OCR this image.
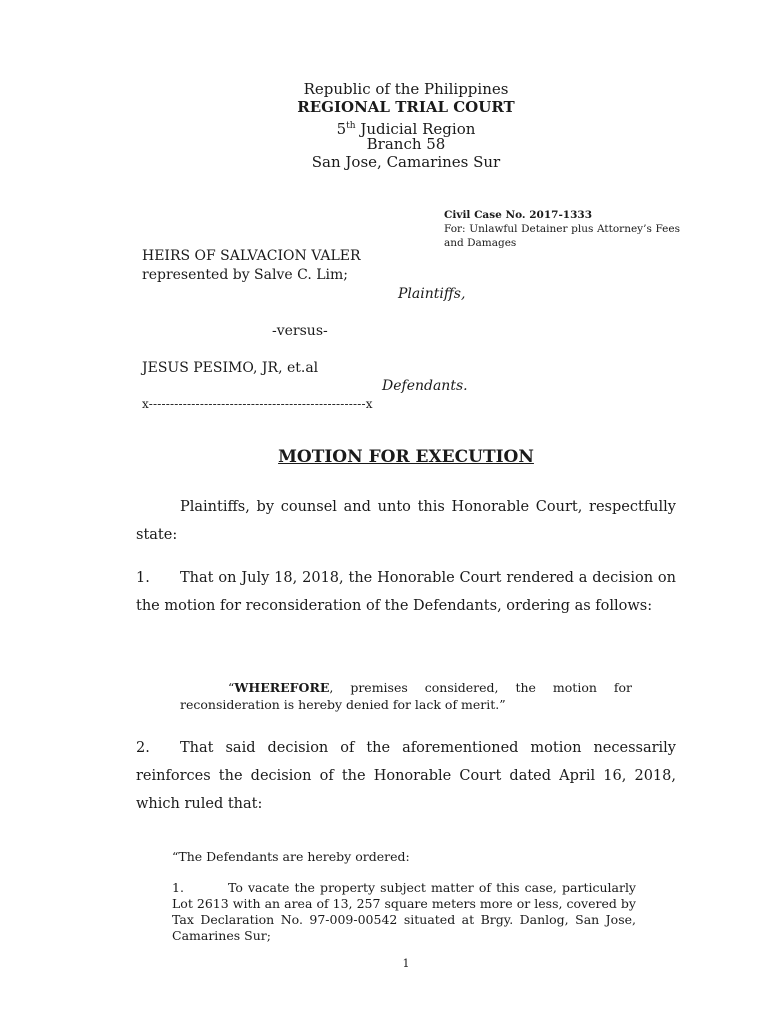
Republic of the Philippines
REGIONAL TRIAL COURT
5th Judicial Region
Branch 58
San Jose, Camarines Sur
Civil Case No. 2017-1333
For: Unlawful Detainer plus Attorney’s Fees and Damages
HEIRS OF SALVACION VALER
represented by Salve C. Lim;
Plaintiffs,
-versus-
JESUS PESIMO, JR, et.al
Defendants.
x---------------------------------------------------x
MOTION FOR EXECUTION
Plaintiffs, by counsel and unto this Honorable Court, respectfully state:
1. That on July 18, 2018, the Honorable Court rendered a decision on the motion for reconsideration of the Defendants, ordering as follows:
“WHEREFORE, premises considered, the motion for reconsideration is hereby denied for lack of merit.”
2. That said decision of the aforementioned motion necessarily reinforces the decision of the Honorable Court dated April 16, 2018, which ruled that:
“The Defendants are hereby ordered:
1.	To vacate the property subject matter of this case, particularly Lot 2613 with an area of 13, 257 square meters more or less, covered by Tax Declaration No. 97-009-00542 situated at Brgy. Danlog, San Jose, Camarines Sur;
1
